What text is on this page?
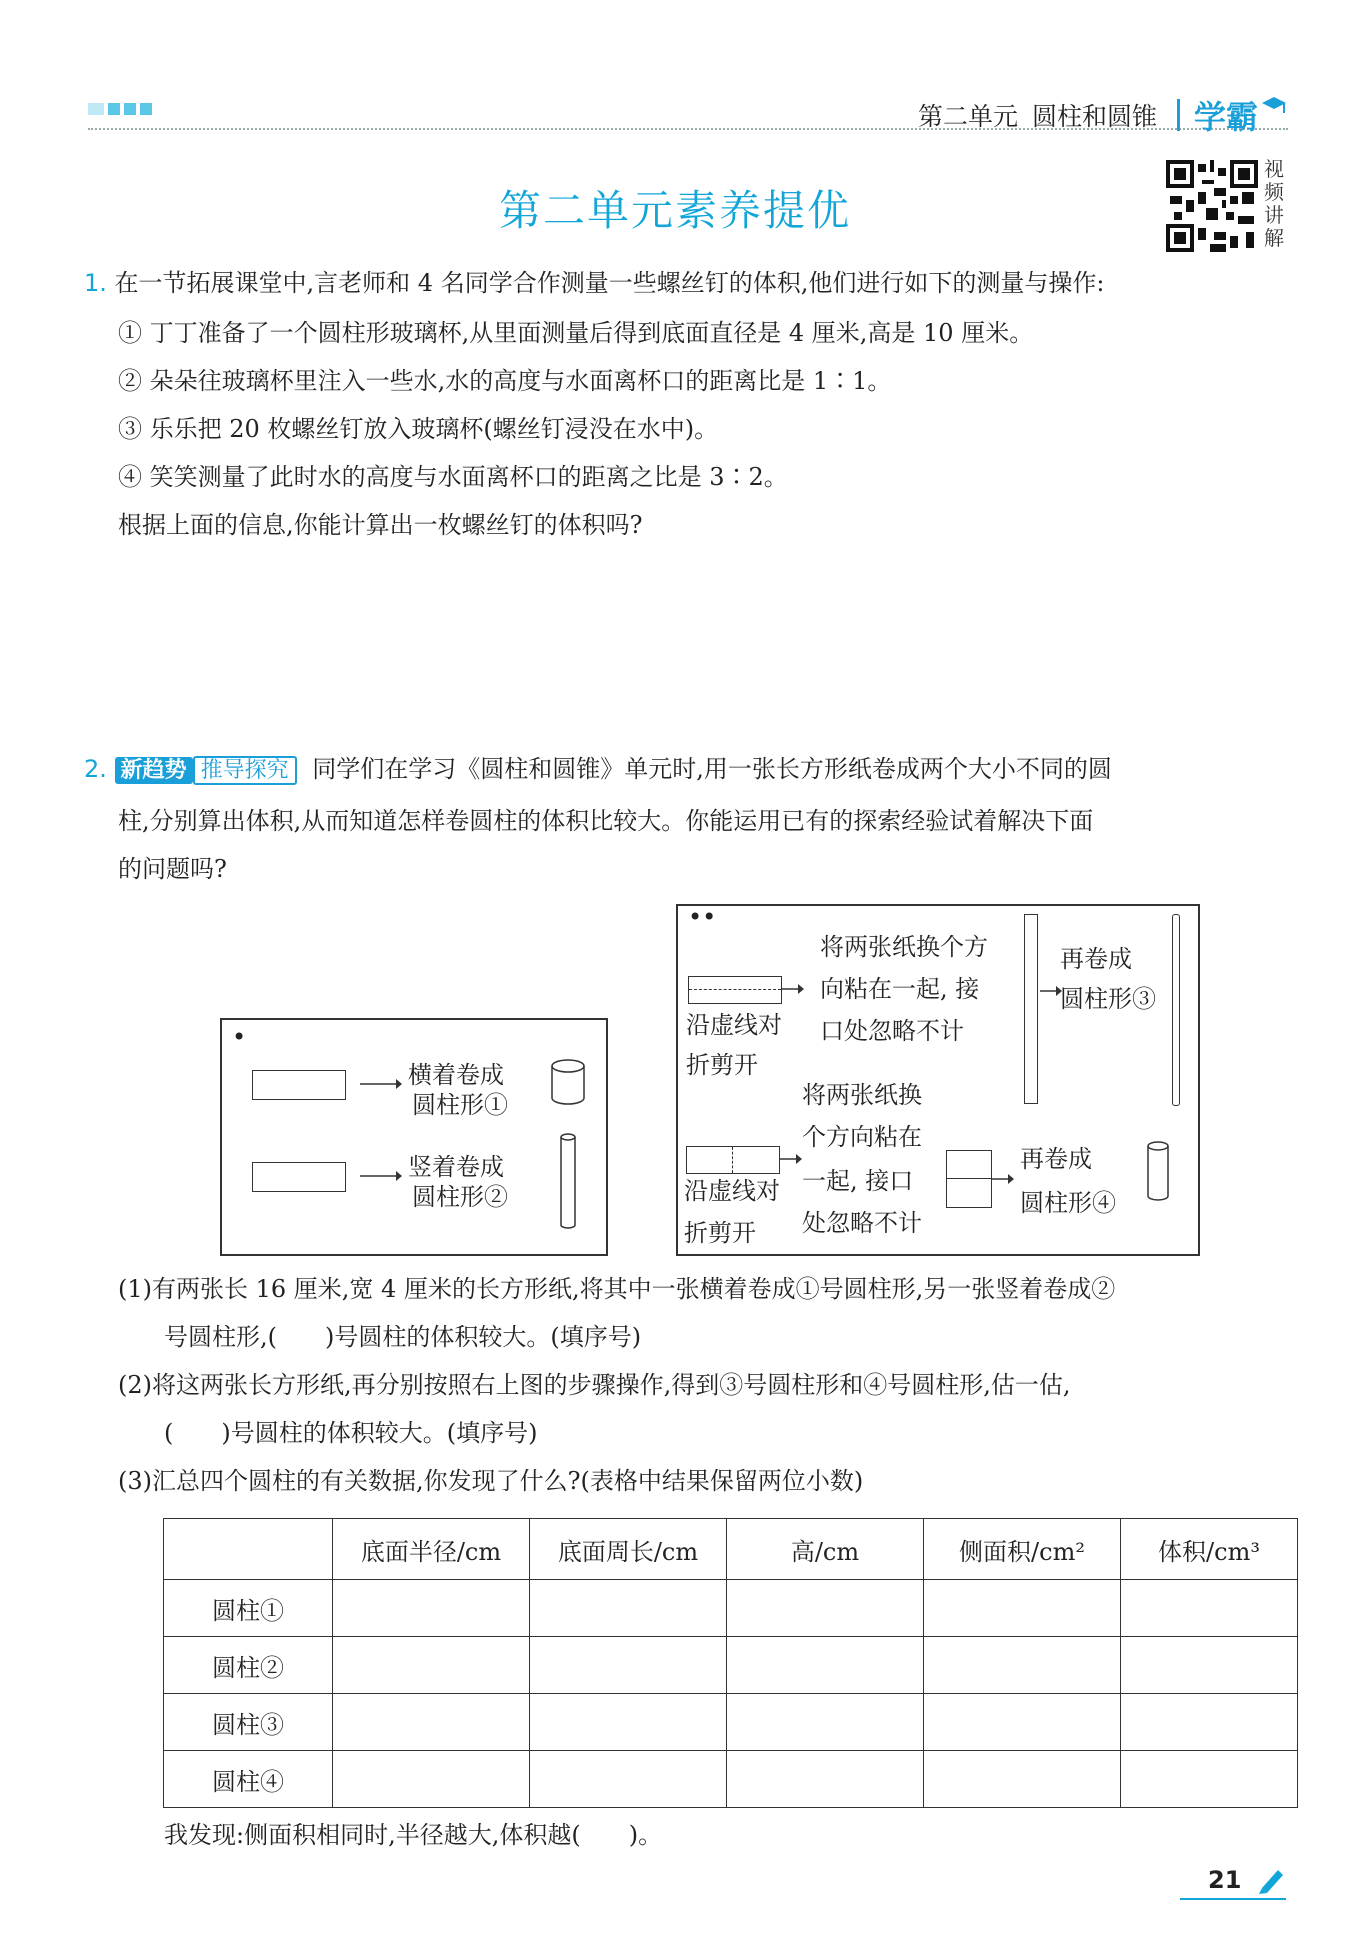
第二单元 圆柱和圆锥 学霸
第二单元素养提优
视频讲解
1. 在一节拓展课堂中,言老师和 4 名同学合作测量一些螺丝钉的体积,他们进行如下的测量与操作:
① 丁丁准备了一个圆柱形玻璃杯,从里面测量后得到底面直径是 4 厘米,高是 10 厘米。
② 朵朵往玻璃杯里注入一些水,水的高度与水面离杯口的距离比是 1∶1。
③ 乐乐把 20 枚螺丝钉放入玻璃杯(螺丝钉浸没在水中)。
④ 笑笑测量了此时水的高度与水面离杯口的距离之比是 3∶2。
根据上面的信息,你能计算出一枚螺丝钉的体积吗?
2. 新趋势 推导探究 同学们在学习《圆柱和圆锥》单元时,用一张长方形纸卷成两个大小不同的圆
柱,分别算出体积,从而知道怎样卷圆柱的体积比较大。你能运用已有的探索经验试着解决下面
的问题吗?
•
横着卷成
圆柱形①
竖着卷成
圆柱形②
••
沿虚线对
折剪开
将两张纸换个方
向粘在一起, 接
口处忽略不计
再卷成
圆柱形③
沿虚线对
折剪开
将两张纸换
个方向粘在
一起, 接口
处忽略不计
再卷成
圆柱形④
(1)有两张长 16 厘米,宽 4 厘米的长方形纸,将其中一张横着卷成①号圆柱形,另一张竖着卷成②
号圆柱形,(　　)号圆柱的体积较大。(填序号)
(2)将这两张长方形纸,再分别按照右上图的步骤操作,得到③号圆柱形和④号圆柱形,估一估,
(　　)号圆柱的体积较大。(填序号)
(3)汇总四个圆柱的有关数据,你发现了什么?(表格中结果保留两位小数)
	底面半径/cm	底面周长/cm	高/cm	侧面积/cm²	体积/cm³
圆柱①					
圆柱②					
圆柱③					
圆柱④					
我发现:侧面积相同时,半径越大,体积越(　　)。
21
